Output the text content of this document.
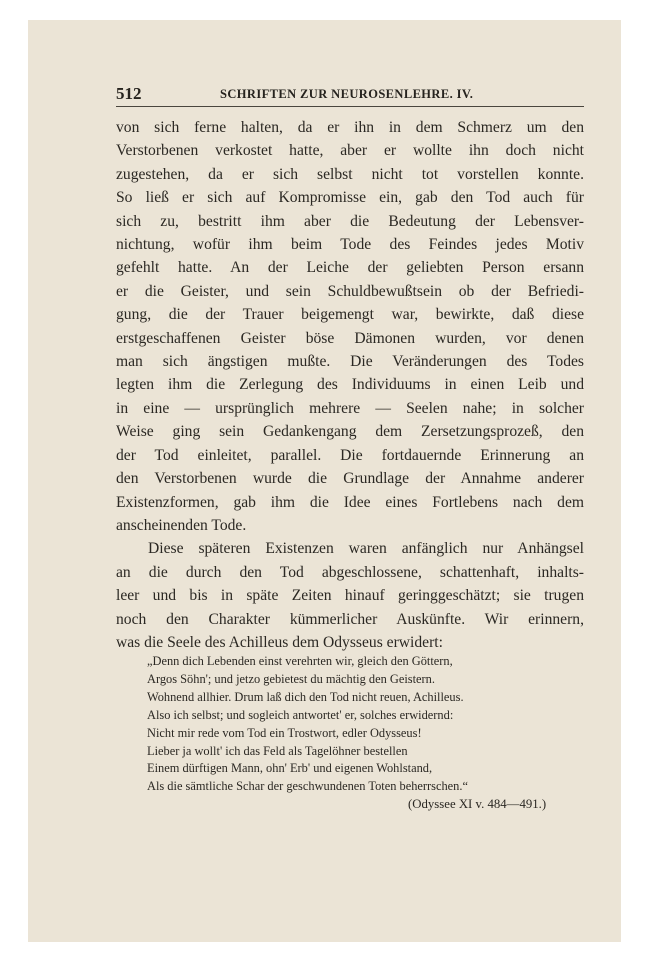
512	SCHRIFTEN ZUR NEUROSENLEHRE. IV.
von sich ferne halten, da er ihn in dem Schmerz um den
Verstorbenen verkostet hatte, aber er wollte ihn doch nicht
zugestehen, da er sich selbst nicht tot vorstellen konnte.
So ließ er sich auf Kompromisse ein, gab den Tod auch für
sich zu, bestritt ihm aber die Bedeutung der Lebensver-
nichtung, wofür ihm beim Tode des Feindes jedes Motiv
gefehlt hatte. An der Leiche der geliebten Person ersann
er die Geister, und sein Schuldbewußtsein ob der Befriedi-
gung, die der Trauer beigemengt war, bewirkte, daß diese
erstgeschaffenen Geister böse Dämonen wurden, vor denen
man sich ängstigen mußte. Die Veränderungen des Todes
legten ihm die Zerlegung des Individuums in einen Leib und
in eine — ursprünglich mehrere — Seelen nahe; in solcher
Weise ging sein Gedankengang dem Zersetzungsprozeß, den
der Tod einleitet, parallel. Die fortdauernde Erinnerung an
den Verstorbenen wurde die Grundlage der Annahme anderer
Existenzformen, gab ihm die Idee eines Fortlebens nach dem
anscheinenden Tode.
Diese späteren Existenzen waren anfänglich nur Anhängsel
an die durch den Tod abgeschlossene, schattenhaft, inhalts-
leer und bis in späte Zeiten hinauf geringgeschätzt; sie trugen
noch den Charakter kümmerlicher Auskünfte. Wir erinnern,
was die Seele des Achilleus dem Odysseus erwidert:
„Denn dich Lebenden einst verehrten wir, gleich den Göttern,
Argos Söhn'; und jetzo gebietest du mächtig den Geistern.
Wohnend allhier. Drum laß dich den Tod nicht reuen, Achilleus.
Also ich selbst; und sogleich antwortet' er, solches erwidernd:
Nicht mir rede vom Tod ein Trostwort, edler Odysseus!
Lieber ja wollt' ich das Feld als Tagelöhner bestellen
Einem dürftigen Mann, ohn' Erb' und eigenen Wohlstand,
Als die sämtliche Schar der geschwundenen Toten beherrschen.“
(Odyssee XI v. 484—491.)
